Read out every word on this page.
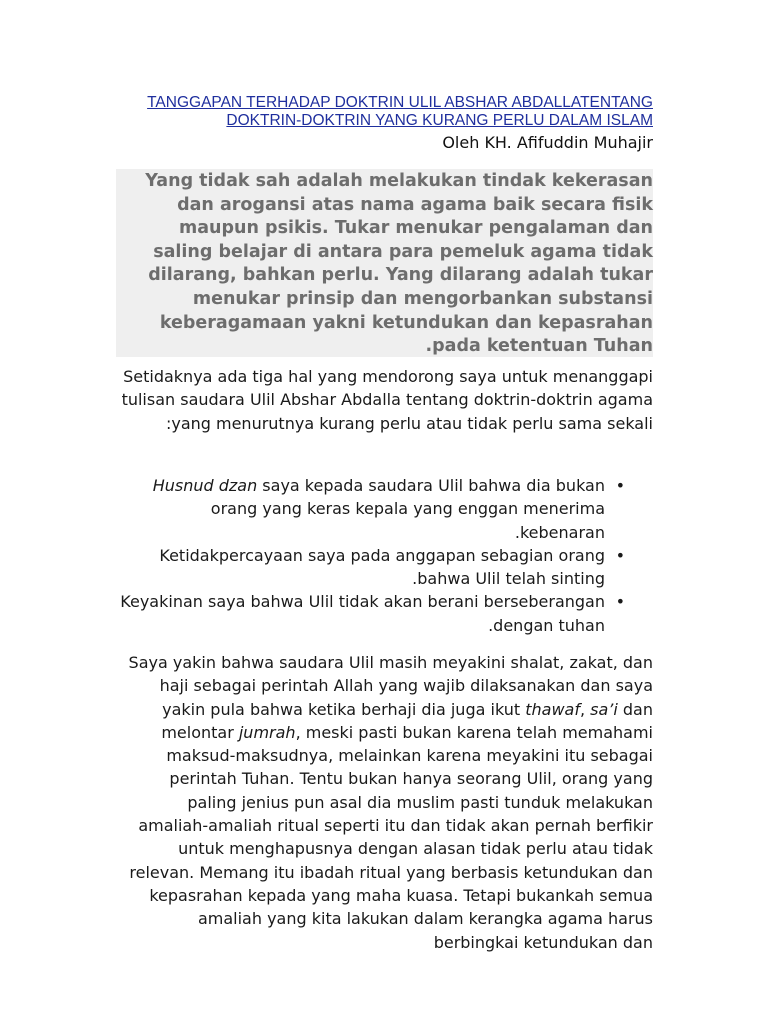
TANGGAPAN TERHADAP DOKTRIN ULIL ABSHAR ABDALLATENTANG
DOKTRIN-DOKTRIN YANG KURANG PERLU DALAM ISLAM
Oleh KH. Afifuddin Muhajir
Yang tidak sah adalah melakukan tindak kekerasan dan arogansi atas nama agama baik secara fisik maupun psikis. Tukar menukar pengalaman dan saling belajar di antara para pemeluk agama tidak dilarang, bahkan perlu. Yang dilarang adalah tukar menukar prinsip dan mengorbankan substansi keberagamaan yakni ketundukan dan kepasrahan pada ketentuan Tuhan.
Setidaknya ada tiga hal yang mendorong saya untuk menanggapi tulisan saudara Ulil Abshar Abdalla tentang doktrin-doktrin agama yang menurutnya kurang perlu atau tidak perlu sama sekali:
•
Husnud dzan saya kepada saudara Ulil bahwa dia bukan orang yang keras kepala yang enggan menerima kebenaran.
•
Ketidakpercayaan saya pada anggapan sebagian orang bahwa Ulil telah sinting.
•
Keyakinan saya bahwa Ulil tidak akan berani berseberangan dengan tuhan.
Saya yakin bahwa saudara Ulil masih meyakini shalat, zakat, dan haji sebagai perintah Allah yang wajib dilaksanakan dan saya yakin pula bahwa ketika berhaji dia juga ikut thawaf, sa’i dan melontar jumrah, meski pasti bukan karena telah memahami maksud-maksudnya, melainkan karena meyakini itu sebagai perintah Tuhan. Tentu bukan hanya seorang Ulil, orang yang paling jenius pun asal dia muslim pasti tunduk melakukan amaliah-amaliah ritual seperti itu dan tidak akan pernah berfikir untuk menghapusnya dengan alasan tidak perlu atau tidak relevan. Memang itu ibadah ritual yang berbasis ketundukan dan kepasrahan kepada yang maha kuasa. Tetapi bukankah semua amaliah yang kita lakukan dalam kerangka agama harus berbingkai ketundukan dan
